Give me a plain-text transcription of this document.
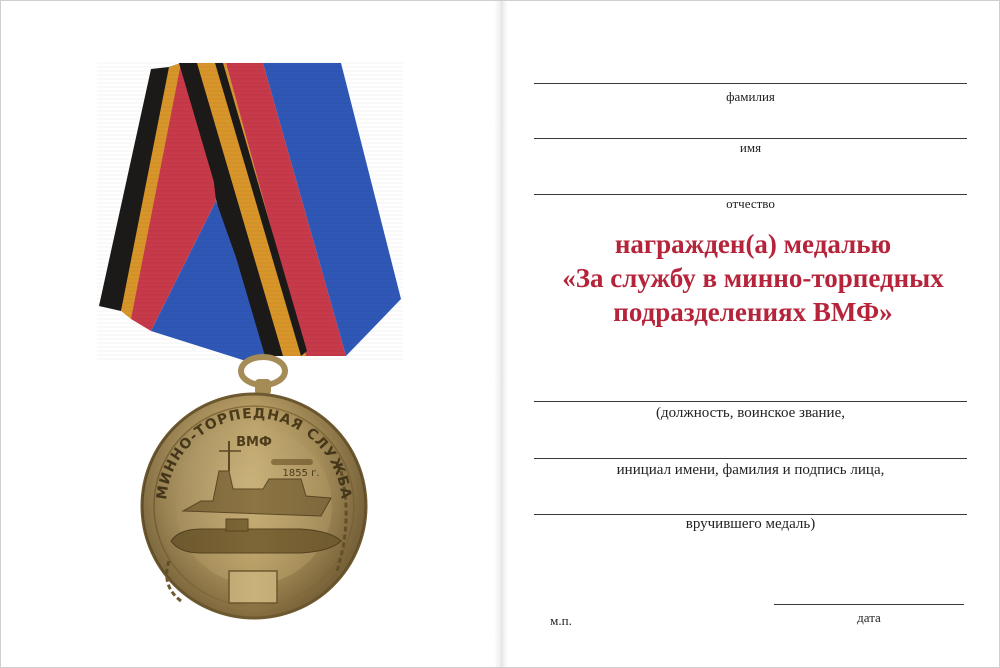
фамилия
имя
отчество
награжден(а) медалью
«За службу в минно-торпедных
подразделениях ВМФ»
(должность, воинское звание,
инициал имени, фамилия и подпись лица,
вручившего медаль)
м.п.	дата
